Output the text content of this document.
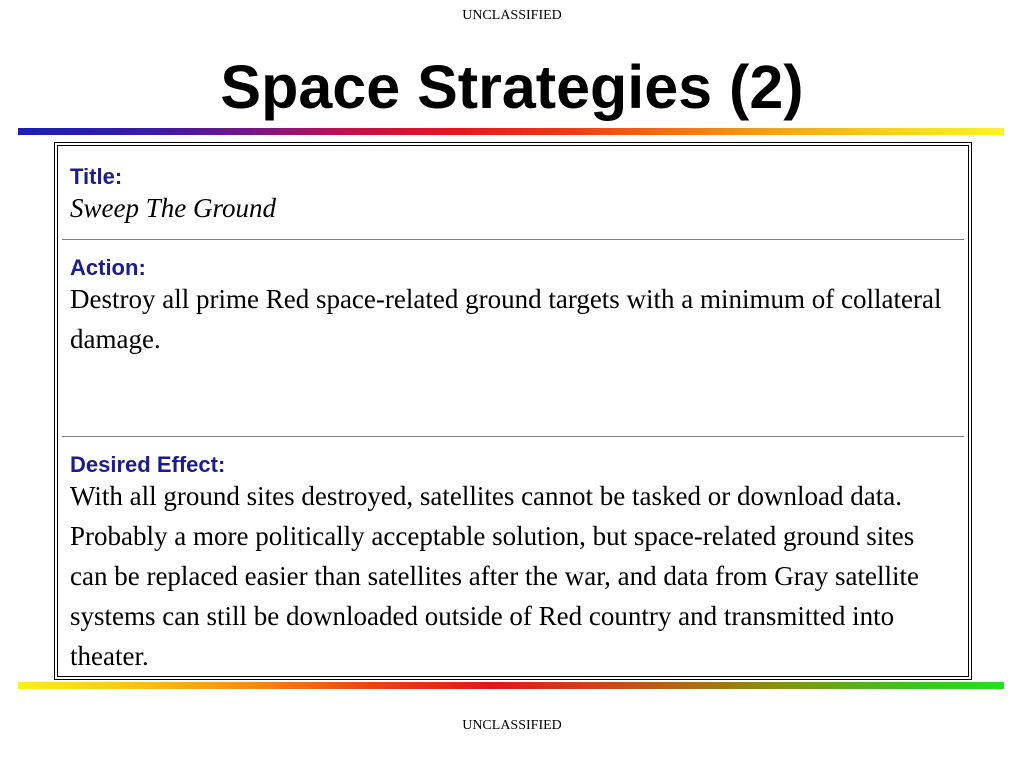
UNCLASSIFIED
Space Strategies (2)
Title:
Sweep The Ground
Action:
Destroy all prime Red space-related ground targets with a minimum of collateral damage.
Desired Effect:
With all ground sites destroyed, satellites cannot be tasked or download data. Probably a more politically acceptable solution, but space-related ground sites can be replaced easier than satellites after the war, and data from Gray satellite systems can still be downloaded outside of Red country and transmitted into theater.
UNCLASSIFIED
